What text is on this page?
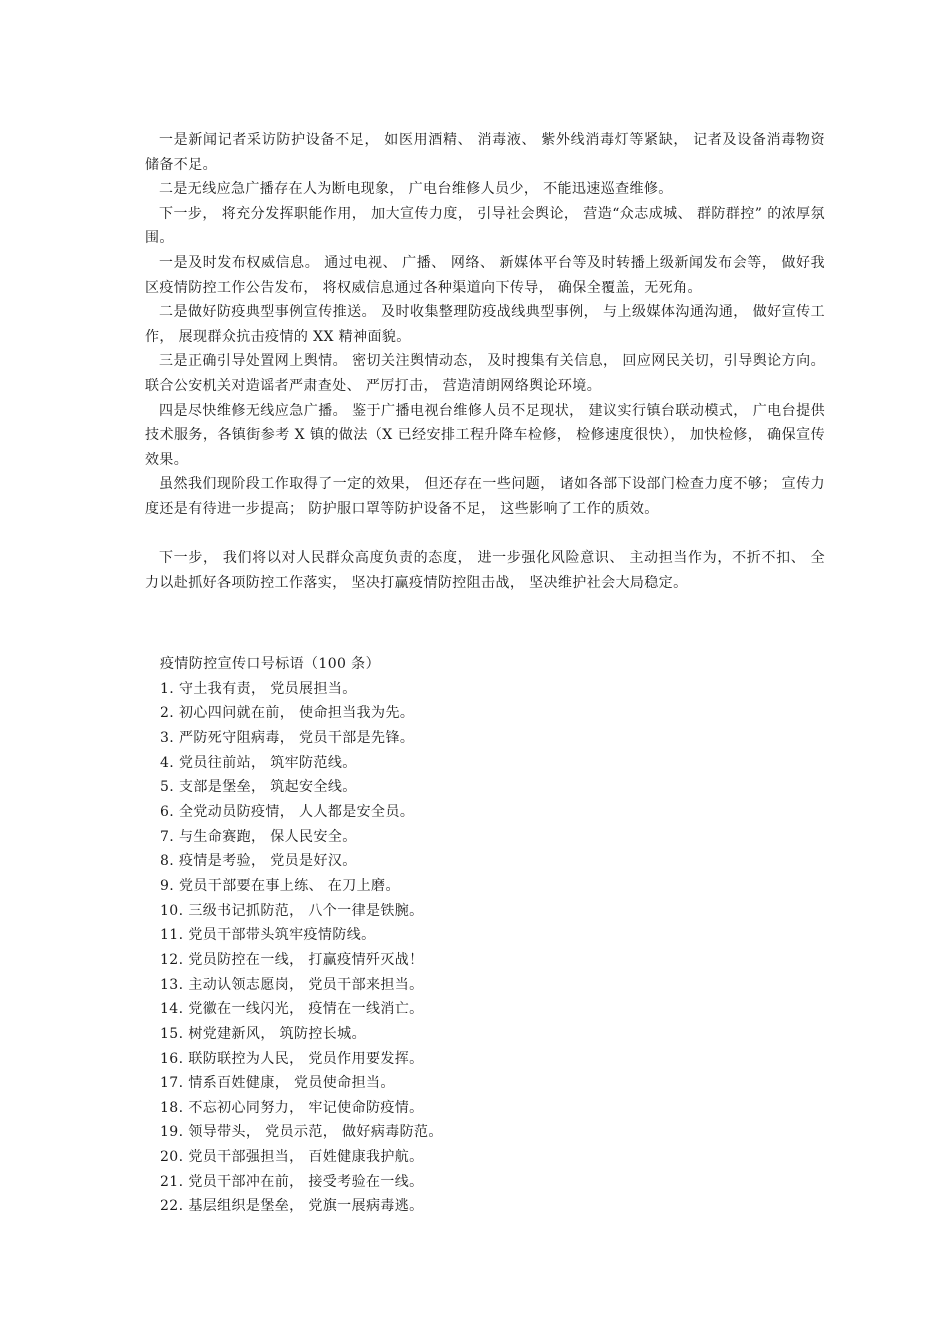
一是新闻记者采访防护设备不足， 如医用酒精、 消毒液、 紫外线消毒灯等紧缺， 记者及设备消毒物资储备不足。

二是无线应急广播存在人为断电现象， 广电台维修人员少， 不能迅速巡查维修。

下一步， 将充分发挥职能作用， 加大宣传力度， 引导社会舆论， 营造“众志成城、 群防群控” 的浓厚氛围。

一是及时发布权威信息。 通过电视、 广播、 网络、 新媒体平台等及时转播上级新闻发布会等， 做好我区疫情防控工作公告发布， 将权威信息通过各种渠道向下传导， 确保全覆盖，无死角。

二是做好防疫典型事例宣传推送。 及时收集整理防疫战线典型事例， 与上级媒体沟通沟通， 做好宣传工作， 展现群众抗击疫情的 XX 精神面貌。

三是正确引导处置网上舆情。 密切关注舆情动态， 及时搜集有关信息， 回应网民关切，引导舆论方向。 联合公安机关对造谣者严肃查处、 严厉打击， 营造清朗网络舆论环境。

四是尽快维修无线应急广播。 鉴于广播电视台维修人员不足现状， 建议实行镇台联动模式， 广电台提供技术服务，各镇街参考 X 镇的做法（X 已经安排工程升降车检修， 检修速度很快）， 加快检修， 确保宣传效果。

虽然我们现阶段工作取得了一定的效果， 但还存在一些问题， 诸如各部下设部门检查力度不够； 宣传力度还是有待进一步提高； 防护服口罩等防护设备不足， 这些影响了工作的质效。

下一步， 我们将以对人民群众高度负责的态度， 进一步强化风险意识、 主动担当作为，不折不扣、 全力以赴抓好各项防控工作落实， 坚决打赢疫情防控阻击战， 坚决维护社会大局稳定。

疫情防控宣传口号标语（100 条）

1. 守土我有责， 党员展担当。
2. 初心四问就在前， 使命担当我为先。
3. 严防死守阻病毒， 党员干部是先锋。
4. 党员往前站， 筑牢防范线。
5. 支部是堡垒， 筑起安全线。
6. 全党动员防疫情， 人人都是安全员。
7. 与生命赛跑， 保人民安全。
8. 疫情是考验， 党员是好汉。
9. 党员干部要在事上练、 在刀上磨。
10. 三级书记抓防范， 八个一律是铁腕。
11. 党员干部带头筑牢疫情防线。
12. 党员防控在一线， 打赢疫情歼灭战！
13. 主动认领志愿岗， 党员干部来担当。
14. 党徽在一线闪光， 疫情在一线消亡。
15. 树党建新风， 筑防控长城。
16. 联防联控为人民， 党员作用要发挥。
17. 情系百姓健康， 党员使命担当。
18. 不忘初心同努力， 牢记使命防疫情。
19. 领导带头， 党员示范， 做好病毒防范。
20. 党员干部强担当， 百姓健康我护航。
21. 党员干部冲在前， 接受考验在一线。
22. 基层组织是堡垒， 党旗一展病毒逃。
